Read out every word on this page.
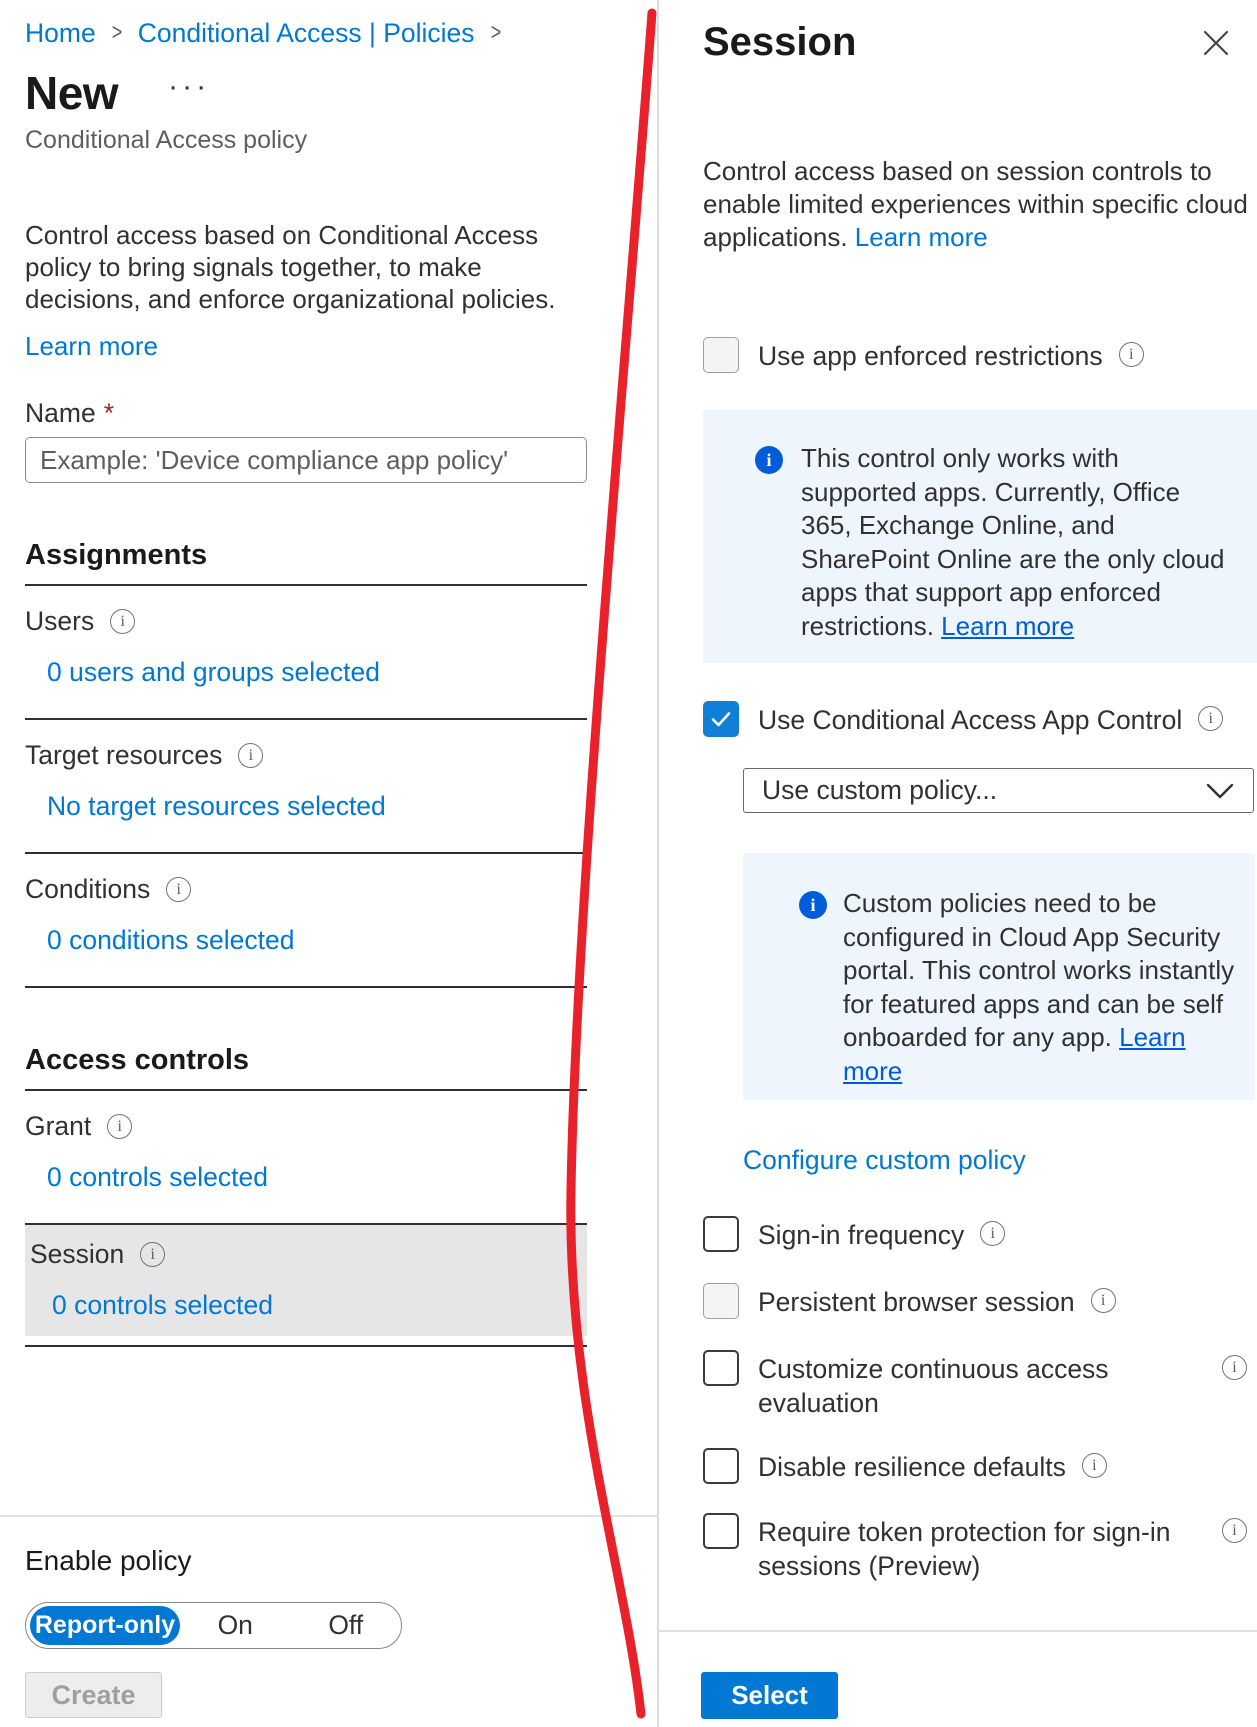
Home > Conditional Access | Policies >
New ···
Conditional Access policy
Control access based on Conditional Access policy to bring signals together, to make decisions, and enforce organizational policies.
Learn more
Name *
Example: 'Device compliance app policy'
Assignments
Users	i
0 users and groups selected
Target resources	i
No target resources selected
Conditions	i
0 conditions selected
Access controls
Grant	i
0 controls selected
Session	i
0 controls selected
Enable policy
Report-only	On	Off
Create
Session
Control access based on session controls to enable limited experiences within specific cloud applications. Learn more
Use app enforced restrictions	i
i	This control only works with supported apps. Currently, Office 365, Exchange Online, and SharePoint Online are the only cloud apps that support app enforced restrictions. Learn more
Use Conditional Access App Control	i
Use custom policy...
i	Custom policies need to be configured in Cloud App Security portal. This control works instantly for featured apps and can be self onboarded for any app. Learn more
Configure custom policy
Sign-in frequency	i
Persistent browser session	i
Customize continuous access evaluation
i
Disable resilience defaults	i
Require token protection for sign-in sessions (Preview)
i
Select
